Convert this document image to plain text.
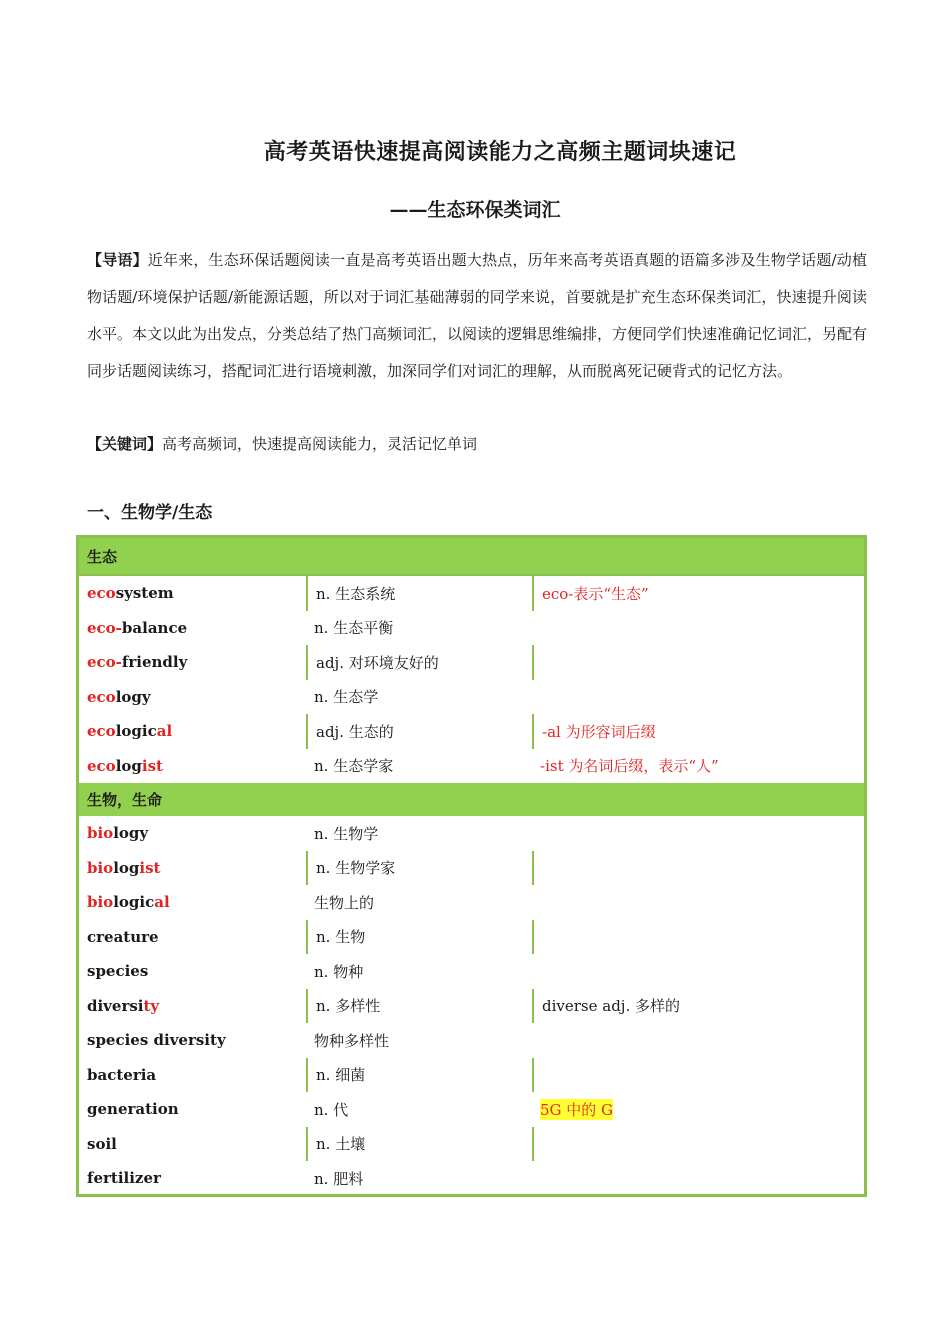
高考英语快速提高阅读能力之高频主题词块速记
——生态环保类词汇

【导语】近年来，生态环保话题阅读一直是高考英语出题大热点，历年来高考英语真题的语篇多涉及生物学话题/动植物话题/环境保护话题/新能源话题，所以对于词汇基础薄弱的同学来说，首要就是扩充生态环保类词汇，快速提升阅读水平。本文以此为出发点，分类总结了热门高频词汇，以阅读的逻辑思维编排，方便同学们快速准确记忆词汇，另配有同步话题阅读练习，搭配词汇进行语境刺激，加深同学们对词汇的理解，从而脱离死记硬背式的记忆方法。

【关键词】高考高频词，快速提高阅读能力，灵活记忆单词
一、生物学/生态
生态
eco system	n. 生态系统	eco-表示“生态”
eco- balance	n. 生态平衡
eco- friendly	adj. 对环境友好的
eco logy	n. 生态学
eco logic al	adj. 生态的	-al 为形容词后缀
eco log ist	n. 生态学家	-ist 为名词后缀，表示“人”
生物，生命
bio logy	n. 生物学
bio log ist	n. 生物学家
bio logic al	生物上的
creature	n. 生物
species	n. 物种
diversi ty	n. 多样性	diverse adj. 多样的
species diversity	物种多样性
bacteria	n. 细菌
generation	n. 代	5G 中的 G
soil	n. 土壤
fertilizer	n. 肥料
